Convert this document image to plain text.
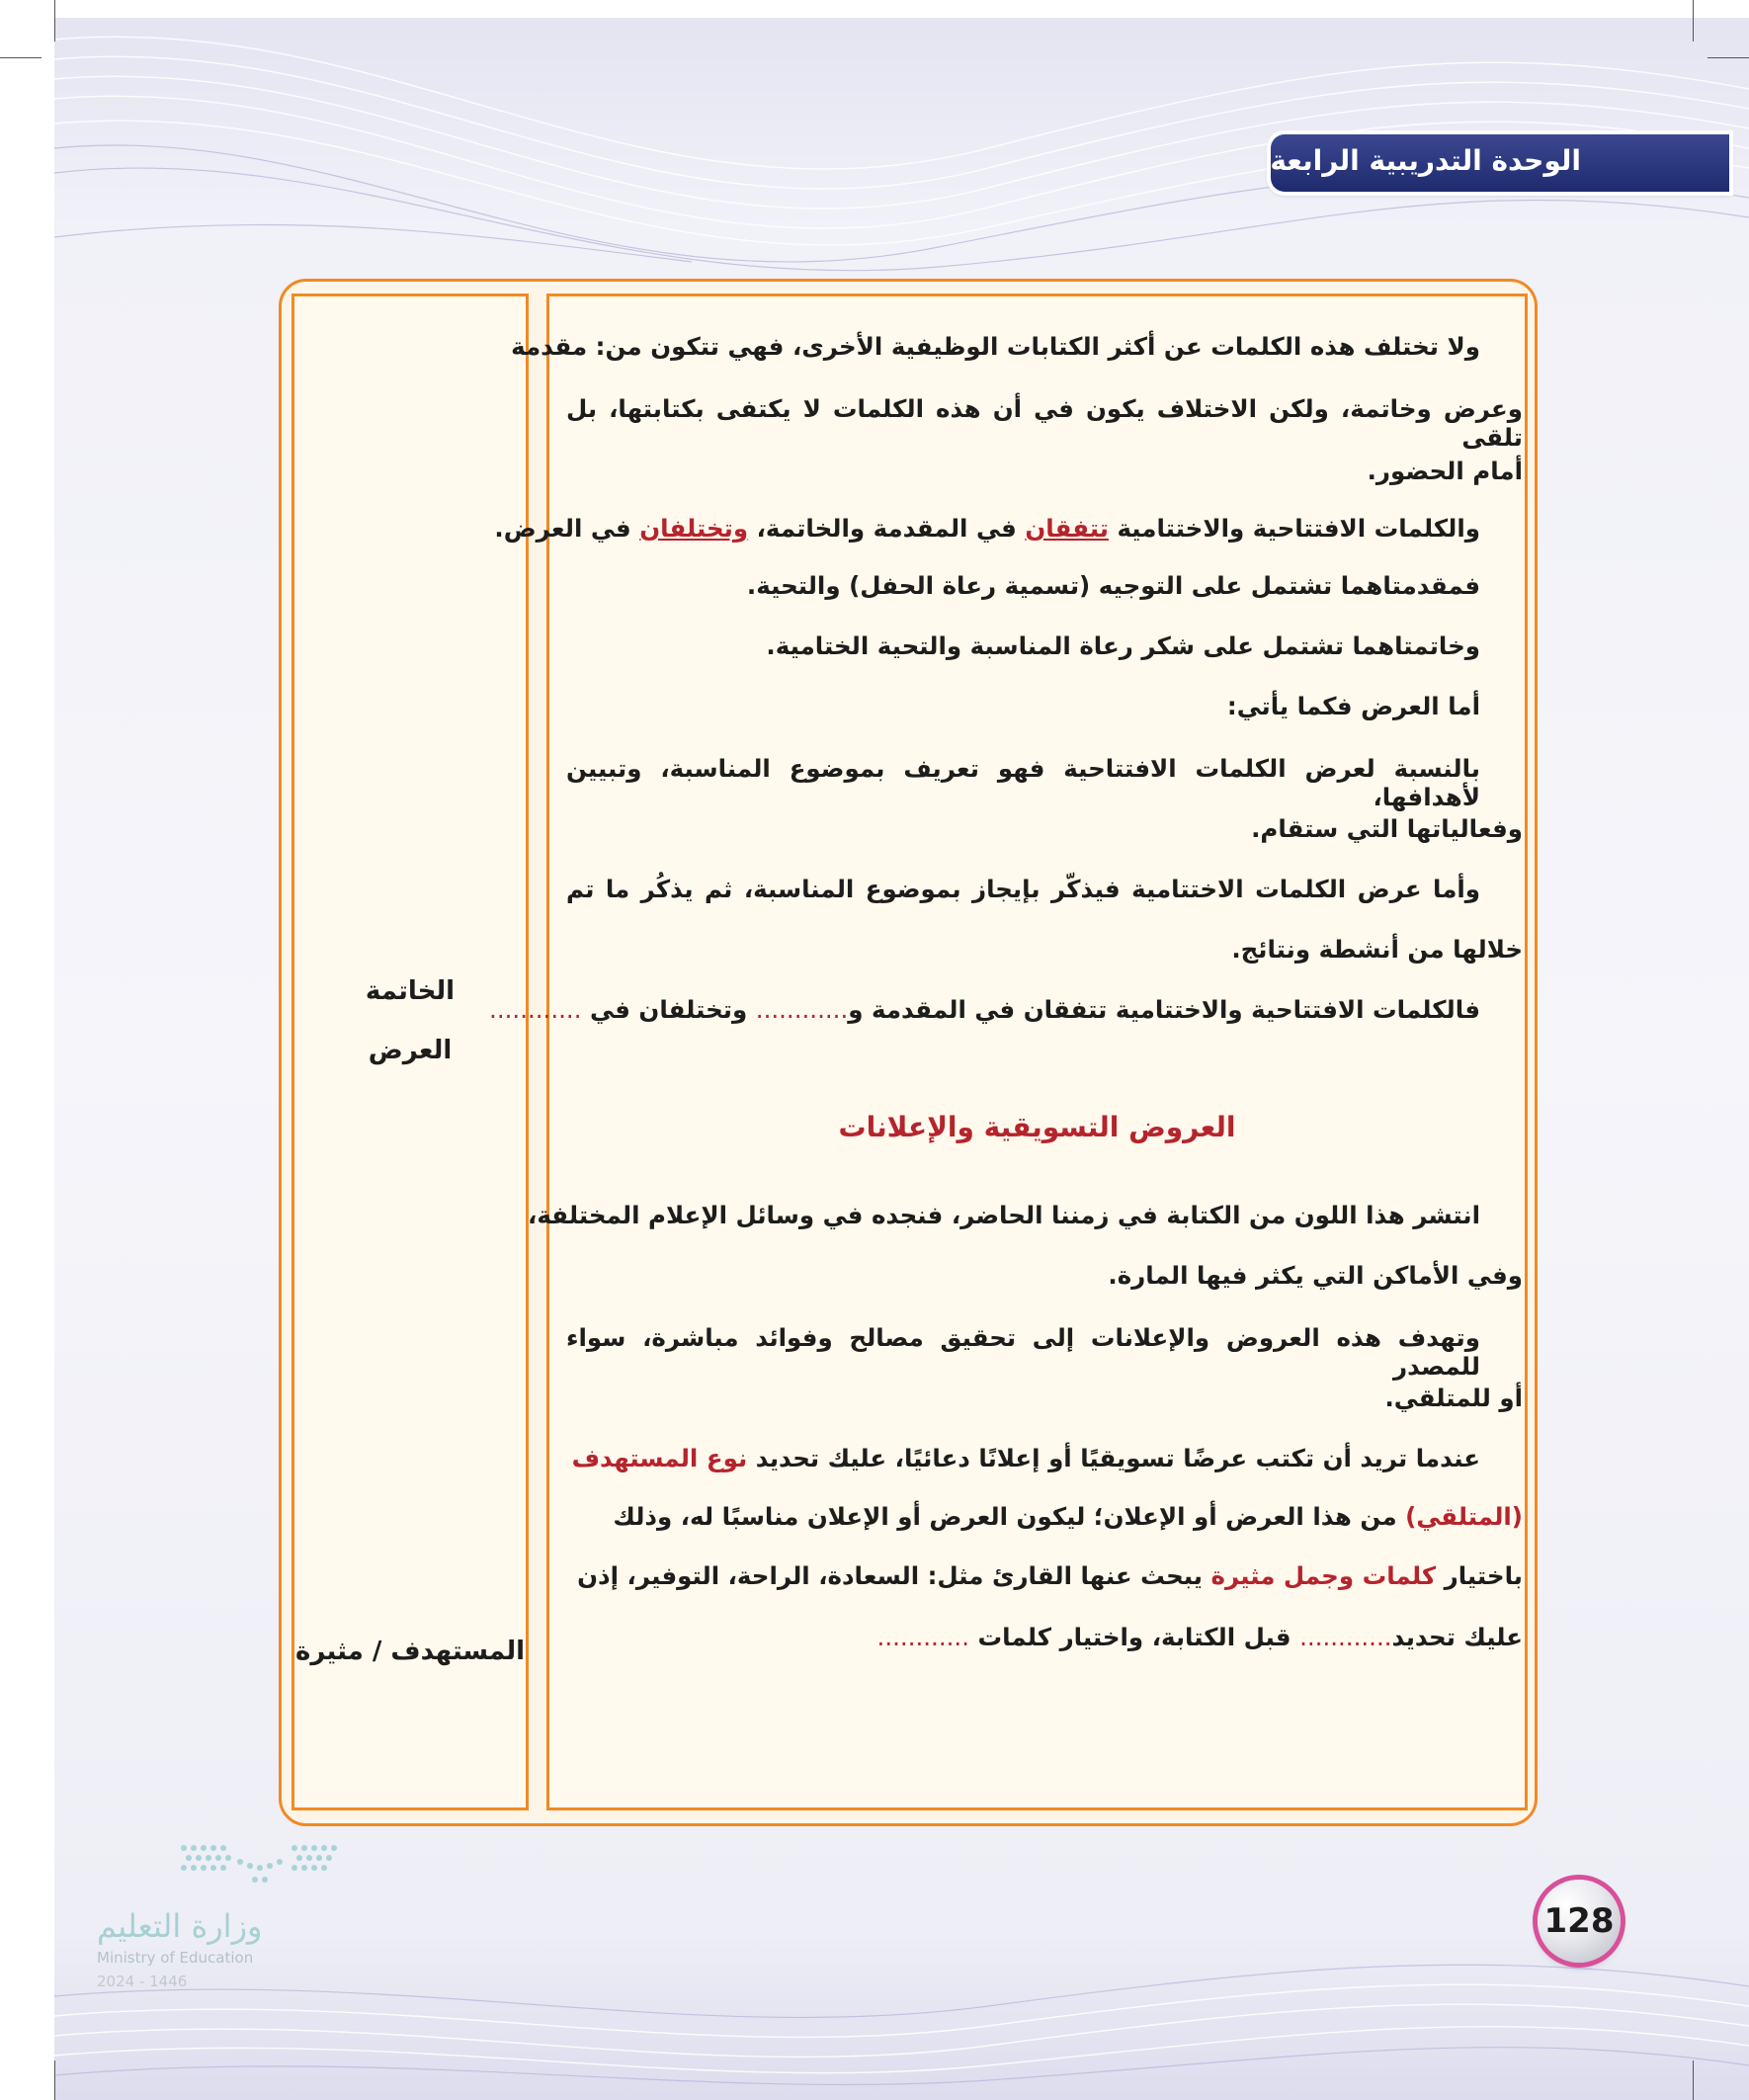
الوحدة التدريبية الرابعة
ولا تختلف هذه الكلمات عن أكثر الكتابات الوظيفية الأخرى، فهي تتكون من: مقدمة
وعرض وخاتمة، ولكن الاختلاف يكون في أن هذه الكلمات لا يكتفى بكتابتها، بل تلقى
أمام الحضور.
والكلمات الافتتاحية والاختتامية تتفقان في المقدمة والخاتمة، وتختلفان في العرض.
فمقدمتاهما تشتمل على التوجيه (تسمية رعاة الحفل) والتحية.
وخاتمتاهما تشتمل على شكر رعاة المناسبة والتحية الختامية.
أما العرض فكما يأتي:
بالنسبة لعرض الكلمات الافتتاحية فهو تعريف بموضوع المناسبة، وتبيين لأهدافها،
وفعالياتها التي ستقام.
وأما عرض الكلمات الاختتامية فيذكّر بإيجاز بموضوع المناسبة، ثم يذكُر ما تم
خلالها من أنشطة ونتائج.
فالكلمات الافتتاحية والاختتامية تتفقان في المقدمة و............ وتختلفان في ............
الخاتمة
العرض
المستهدف / مثيرة
العروض التسويقية والإعلانات
انتشر هذا اللون من الكتابة في زمننا الحاضر، فنجده في وسائل الإعلام المختلفة،
وفي الأماكن التي يكثر فيها المارة.
وتهدف هذه العروض والإعلانات إلى تحقيق مصالح وفوائد مباشرة، سواء للمصدر
أو للمتلقي.
عندما تريد أن تكتب عرضًا تسويقيًا أو إعلانًا دعائيًا، عليك تحديد نوع المستهدف
(المتلقي) من هذا العرض أو الإعلان؛ ليكون العرض أو الإعلان مناسبًا له، وذلك
باختيار كلمات وجمل مثيرة يبحث عنها القارئ مثل: السعادة، الراحة، التوفير، إذن
عليك تحديد............ قبل الكتابة، واختيار كلمات ............
128
وزارة التعليم
Ministry of Education
2024 - 1446
